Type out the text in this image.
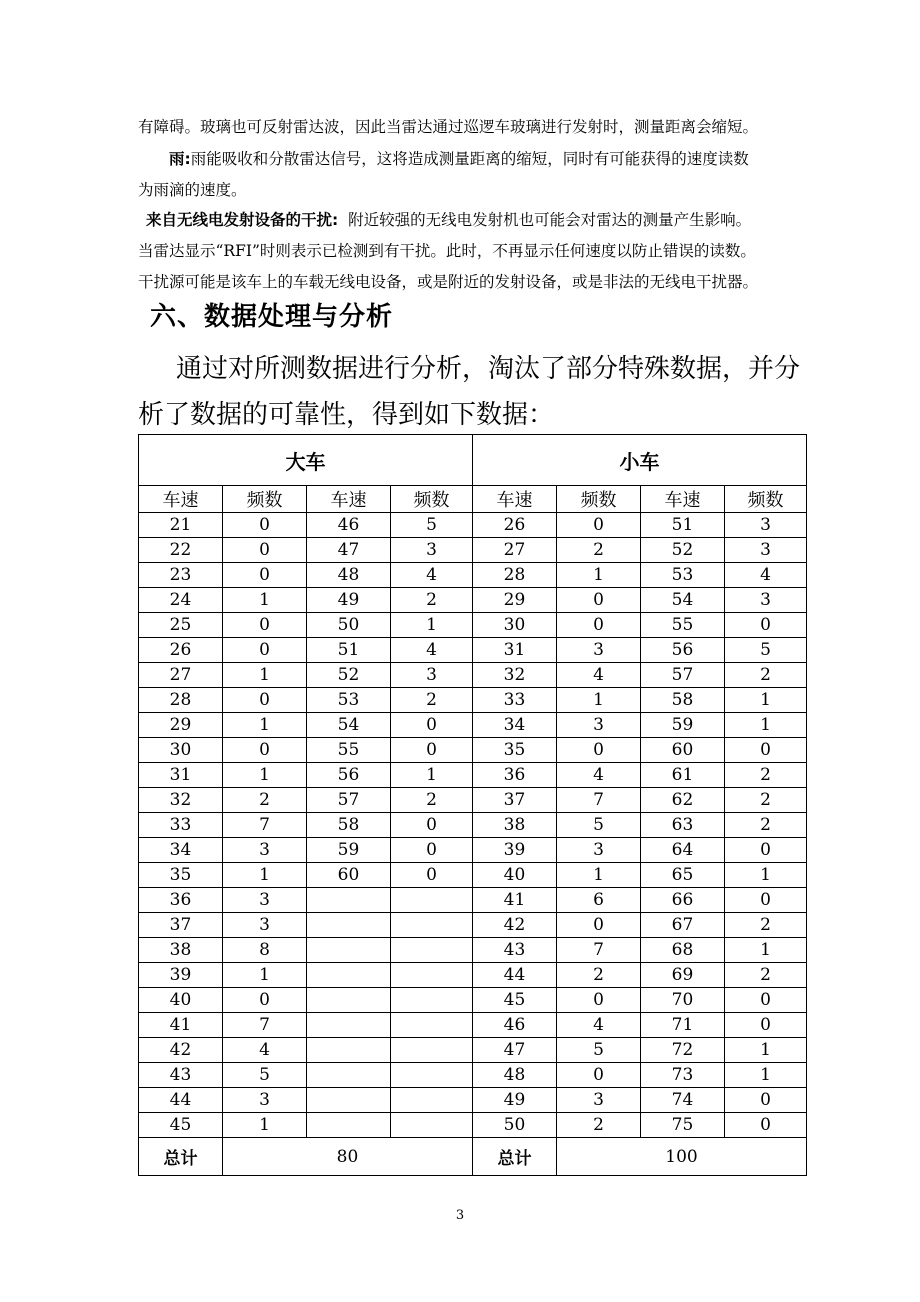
有障碍。玻璃也可反射雷达波，因此当雷达通过巡逻车玻璃进行发射时，测量距离会缩短。

雨:雨能吸收和分散雷达信号，这将造成测量距离的缩短，同时有可能获得的速度读数

为雨滴的速度。

来自无线电发射设备的干扰: 附近较强的无线电发射机也可能会对雷达的测量产生影响。

当雷达显示“RFI”时则表示已检测到有干扰。此时，不再显示任何速度以防止错误的读数。

干扰源可能是该车上的车载无线电设备，或是附近的发射设备，或是非法的无线电干扰器。

六、数据处理与分析

通过对所测数据进行分析，淘汰了部分特殊数据，并分

析了数据的可靠性，得到如下数据：

大车				小车			
车速	频数	车速	频数	车速	频数	车速	频数
21	0	46	5	26	0	51	3
22	0	47	3	27	2	52	3
23	0	48	4	28	1	53	4
24	1	49	2	29	0	54	3
25	0	50	1	30	0	55	0
26	0	51	4	31	3	56	5
27	1	52	3	32	4	57	2
28	0	53	2	33	1	58	1
29	1	54	0	34	3	59	1
30	0	55	0	35	0	60	0
31	1	56	1	36	4	61	2
32	2	57	2	37	7	62	2
33	7	58	0	38	5	63	2
34	3	59	0	39	3	64	0
35	1	60	0	40	1	65	1
36	3			41	6	66	0
37	3			42	0	67	2
38	8			43	7	68	1
39	1			44	2	69	2
40	0			45	0	70	0
41	7			46	4	71	0
42	4			47	5	72	1
43	5			48	0	73	1
44	3			49	3	74	0
45	1			50	2	75	0
总计	80			总计	100		
3
